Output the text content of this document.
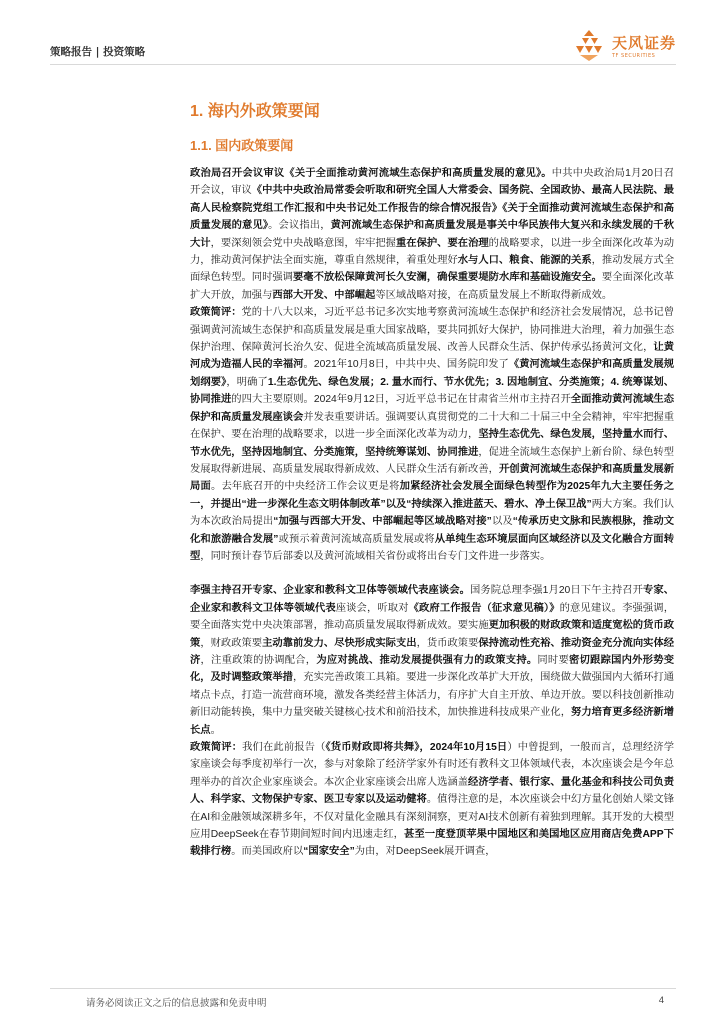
策略报告 | 投资策略	天风证券
TF SECURITIES
1. 海内外政策要闻
1.1. 国内政策要闻

政治局召开会议审议《关于全面推动黄河流域生态保护和高质量发展的意见》。中共中央政治局1月20日召开会议，审议《中共中央政治局常委会听取和研究全国人大常委会、国务院、全国政协、最高人民法院、最高人民检察院党组工作汇报和中央书记处工作报告的综合情况报告》《关于全面推动黄河流域生态保护和高质量发展的意见》。会议指出，黄河流域生态保护和高质量发展是事关中华民族伟大复兴和永续发展的千秋大计，要深刻领会党中央战略意图，牢牢把握重在保护、要在治理的战略要求，以进一步全面深化改革为动力，推动黄河保护法全面实施，尊重自然规律，着重处理好水与人口、粮食、能源的关系，推动发展方式全面绿色转型。同时强调要毫不放松保障黄河长久安澜，确保重要堤防水库和基础设施安全。要全面深化改革扩大开放，加强与西部大开发、中部崛起等区域战略对接，在高质量发展上不断取得新成效。

政策简评：党的十八大以来，习近平总书记多次实地考察黄河流域生态保护和经济社会发展情况，总书记曾强调黄河流域生态保护和高质量发展是重大国家战略，要共同抓好大保护，协同推进大治理，着力加强生态保护治理、保障黄河长治久安、促进全流域高质量发展、改善人民群众生活、保护传承弘扬黄河文化，让黄河成为造福人民的幸福河。2021年10月8日，中共中央、国务院印发了《黄河流域生态保护和高质量发展规划纲要》，明确了1.生态优先、绿色发展；2. 量水而行、节水优先；3. 因地制宜、分类施策；4. 统筹谋划、协同推进的四大主要原则。2024年9月12日，习近平总书记在甘肃省兰州市主持召开全面推动黄河流域生态保护和高质量发展座谈会并发表重要讲话。强调要认真贯彻党的二十大和二十届三中全会精神，牢牢把握重在保护、要在治理的战略要求，以进一步全面深化改革为动力，坚持生态优先、绿色发展，坚持量水而行、节水优先，坚持因地制宜、分类施策，坚持统筹谋划、协同推进，促进全流域生态保护上新台阶、绿色转型发展取得新进展、高质量发展取得新成效、人民群众生活有新改善，开创黄河流域生态保护和高质量发展新局面。去年底召开的中央经济工作会议更是将加紧经济社会发展全面绿色转型作为2025年九大主要任务之一，并提出“进一步深化生态文明体制改革”以及“持续深入推进蓝天、碧水、净土保卫战”两大方案。我们认为本次政治局提出“加强与西部大开发、中部崛起等区域战略对接”以及“传承历史文脉和民族根脉，推动文化和旅游融合发展”或预示着黄河流域高质量发展或将从单纯生态环境层面向区域经济以及文化融合方面转型，同时预计春节后部委以及黄河流域相关省份或将出台专门文件进一步落实。

李强主持召开专家、企业家和教科文卫体等领域代表座谈会。国务院总理李强1月20日下午主持召开专家、企业家和教科文卫体等领域代表座谈会，听取对《政府工作报告（征求意见稿）》的意见建议。李强强调，要全面落实党中央决策部署，推动高质量发展取得新成效。要实施更加积极的财政政策和适度宽松的货币政策，财政政策要主动靠前发力、尽快形成实际支出，货币政策要保持流动性充裕、推动资金充分流向实体经济，注重政策的协调配合，为应对挑战、推动发展提供强有力的政策支持。同时要密切跟踪国内外形势变化，及时调整政策举措，充实完善政策工具箱。要进一步深化改革扩大开放，围绕做大做强国内大循环打通堵点卡点，打造一流营商环境，激发各类经营主体活力，有序扩大自主开放、单边开放。要以科技创新推动新旧动能转换，集中力量突破关键核心技术和前沿技术，加快推进科技成果产业化，努力培育更多经济新增长点。

政策简评：我们在此前报告（《货币财政即将共舞》，2024年10月15日）中曾提到，一般而言，总理经济学家座谈会每季度初举行一次，参与对象除了经济学家外有时还有教科文卫体领域代表，本次座谈会是今年总理举办的首次企业家座谈会。本次企业家座谈会出席人选涵盖经济学者、银行家、量化基金和科技公司负责人、科学家、文物保护专家、医卫专家以及运动健将。值得注意的是，本次座谈会中幻方量化创始人梁文锋在AI和金融领域深耕多年，不仅对量化金融具有深刻洞察，更对AI技术创新有着独到理解。其开发的大模型应用DeepSeek在春节期间短时间内迅速走红，甚至一度登顶苹果中国地区和美国地区应用商店免费APP下载排行榜。而美国政府以“国家安全”为由，对DeepSeek展开调查，

请务必阅读正文之后的信息披露和免责申明	4
